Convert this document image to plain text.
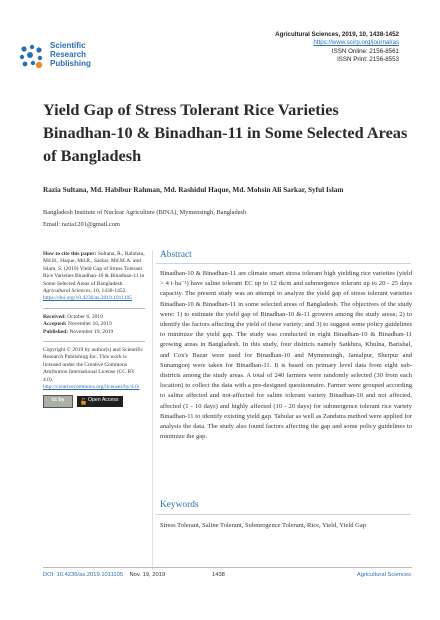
Scientific
Research
Publishing
Agricultural Sciences, 2019, 10, 1438-1452
https://www.scirp.org/journal/as
ISSN Online: 2156-8561
ISSN Print: 2156-8553
Yield Gap of Stress Tolerant Rice Varieties Binadhan-10 & Binadhan-11 in Some Selected Areas of Bangladesh
Razia Sultana, Md. Habibur Rahman, Md. Rashidul Haque, Md. Mohsin Ali Sarkar, Syful Islam
Bangladesh Institute of Nuclear Agriculture (BINA), Mymensingh, Bangladesh
Email: razia1201@gmail.com

How to cite this paper: Sultana, R., Rahman, Md.H., Haque, Md.R., Sarkar, Md.M.A. and Islam, S. (2019) Yield Gap of Stress Tolerant Rice Varieties Binadhan-10 & Binadhan-11 in Some Selected Areas of Bangladesh. Agricultural Sciences, 10, 1438-1452. https://doi.org/10.4236/as.2019.1011105

Received: October 6, 2019
Accepted: November 16, 2019
Published: November 19, 2019

Copyright © 2019 by author(s) and Scientific Research Publishing Inc. This work is licensed under the Creative Commons Attribution International License (CC BY 4.0).

http://creativecommons.org/licenses/by/4.0/

cc by	Open Access
Abstract
Binadhan-10 & Binadhan-11 are climate smart stress tolerant high yielding rice varieties (yield > 4 t·ha⁻¹) have saline tolerant EC up to 12 ds/m and submergence tolerant up to 20 - 25 days capacity. The present study was an attempt to analyze the yield gap of stress tolerant varieties Binadhan-10 & Binadhan-11 in some selected areas of Bangladesh. The objectives of the study were: 1) to estimate the yield gap of Binadhan-10 &-11 growers among the study areas; 2) to identify the factors affecting the yield of these variety; and 3) to suggest some policy guidelines to minimize the yield gap. The study was conducted in eight Binadhan-10 & Binadhan-11 growing areas in Bangladesh. In this study, four districts namely Satkhira, Khulna, Barishal, and Cox's Bazar were used for Binadhan-10 and Mymensingh, Jamalpur, Sherpur and Sunamgonj were taken for Binadhan-11. It is based on primary level data from eight sub-districts among the study areas. A total of 240 farmers were randomly selected (30 from each location) to collect the data with a pre-designed questionnaire. Farmer were grouped according to saline affected and not-affected for saline tolerant variety Binadhan-10 and not affected, affected (1 - 10 days) and highly affected (10 - 20 days) for submergence tolerant rice variety Binadhan-11 to identify existing yield gap. Tabular as well as Zandstra method were applied for analysis the data. The study also found factors affecting the gap and some policy guidelines to minimize the gap.
Keywords
Stress Tolerant, Saline Tolerant, Submergence Tolerant, Rice, Yield, Yield Gap
DOI: 10.4236/as.2019.1011105 Nov. 19, 2019	1438	Agricultural Sciences
